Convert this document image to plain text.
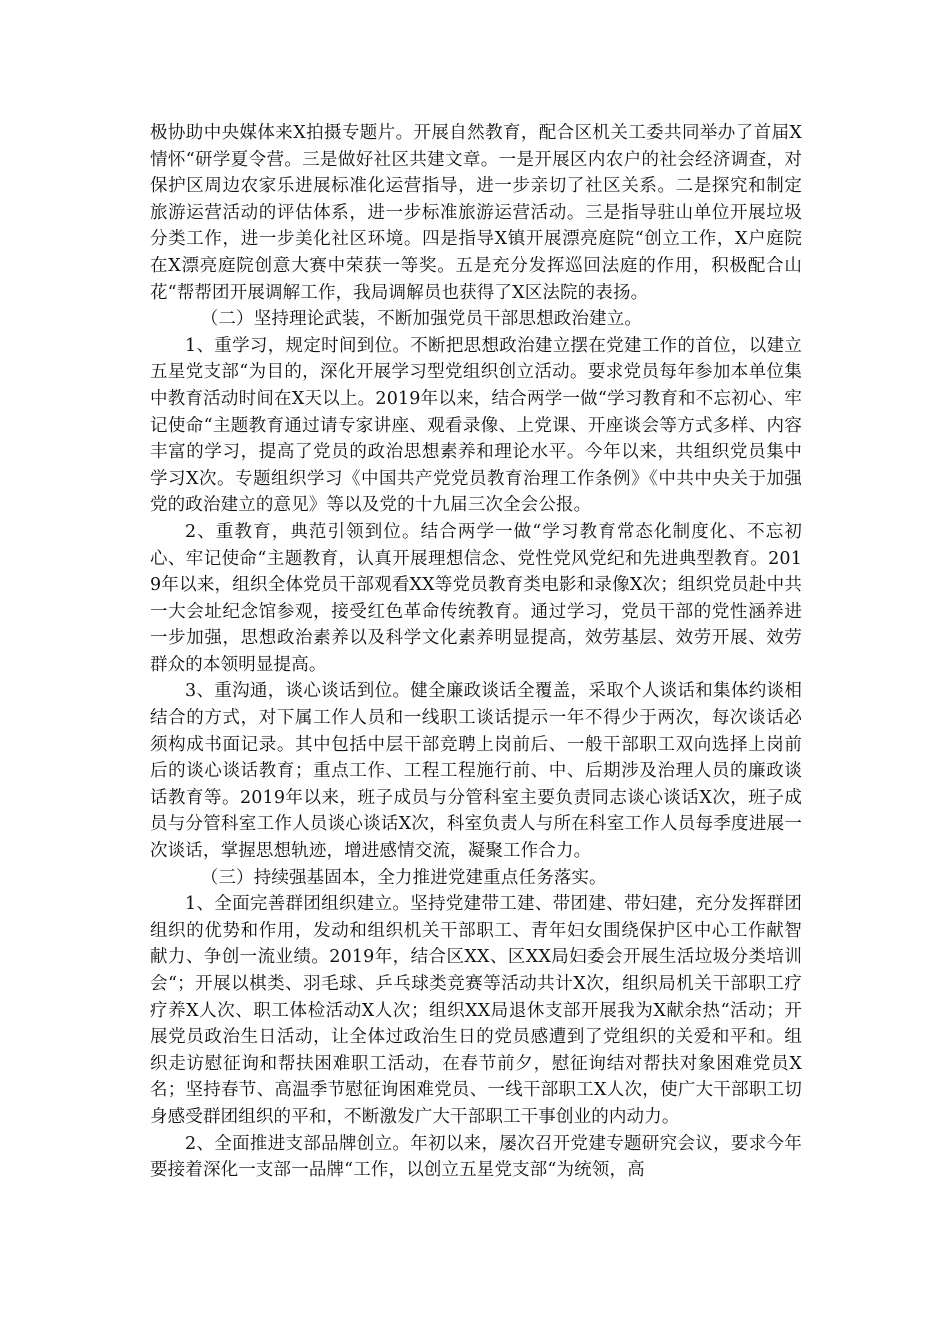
极协助中央媒体来X拍摄专题片。开展自然教育，配合区机关工委共同举办了首届X情怀“研学夏令营。三是做好社区共建文章。一是开展区内农户的社会经济调查，对保护区周边农家乐进展标准化运营指导，进一步亲切了社区关系。二是探究和制定旅游运营活动的评估体系，进一步标准旅游运营活动。三是指导驻山单位开展垃圾分类工作，进一步美化社区环境。四是指导X镇开展漂亮庭院“创立工作，X户庭院在X漂亮庭院创意大赛中荣获一等奖。五是充分发挥巡回法庭的作用，积极配合山花“帮帮团开展调解工作，我局调解员也获得了X区法院的表扬。

（二）坚持理论武装，不断加强党员干部思想政治建立。

1、重学习，规定时间到位。不断把思想政治建立摆在党建工作的首位，以建立五星党支部“为目的，深化开展学习型党组织创立活动。要求党员每年参加本单位集中教育活动时间在X天以上。2019年以来，结合两学一做“学习教育和不忘初心、牢记使命“主题教育通过请专家讲座、观看录像、上党课、开座谈会等方式多样、内容丰富的学习，提高了党员的政治思想素养和理论水平。今年以来，共组织党员集中学习X次。专题组织学习《中国共产党党员教育治理工作条例》《中共中央关于加强党的政治建立的意见》等以及党的十九届三次全会公报。

2、重教育，典范引领到位。结合两学一做“学习教育常态化制度化、不忘初心、牢记使命“主题教育，认真开展理想信念、党性党风党纪和先进典型教育。2019年以来，组织全体党员干部观看XX等党员教育类电影和录像X次；组织党员赴中共一大会址纪念馆参观，接受红色革命传统教育。通过学习，党员干部的党性涵养进一步加强，思想政治素养以及科学文化素养明显提高，效劳基层、效劳开展、效劳群众的本领明显提高。

3、重沟通，谈心谈话到位。健全廉政谈话全覆盖，采取个人谈话和集体约谈相结合的方式，对下属工作人员和一线职工谈话提示一年不得少于两次，每次谈话必须构成书面记录。其中包括中层干部竞聘上岗前后、一般干部职工双向选择上岗前后的谈心谈话教育；重点工作、工程工程施行前、中、后期涉及治理人员的廉政谈话教育等。2019年以来，班子成员与分管科室主要负责同志谈心谈话X次，班子成员与分管科室工作人员谈心谈话X次，科室负责人与所在科室工作人员每季度进展一次谈话，掌握思想轨迹，增进感情交流，凝聚工作合力。

（三）持续强基固本，全力推进党建重点任务落实。

1、全面完善群团组织建立。坚持党建带工建、带团建、带妇建，充分发挥群团组织的优势和作用，发动和组织机关干部职工、青年妇女围绕保护区中心工作献智献力、争创一流业绩。2019年，结合区XX、区XX局妇委会开展生活垃圾分类培训会“；开展以棋类、羽毛球、乒乓球类竞赛等活动共计X次，组织局机关干部职工疗疗养X人次、职工体检活动X人次；组织XX局退休支部开展我为X献余热“活动；开展党员政治生日活动，让全体过政治生日的党员感遭到了党组织的关爱和平和。组织走访慰征询和帮扶困难职工活动，在春节前夕，慰征询结对帮扶对象困难党员X名；坚持春节、高温季节慰征询困难党员、一线干部职工X人次，使广大干部职工切身感受群团组织的平和，不断激发广大干部职工干事创业的内动力。

2、全面推进支部品牌创立。年初以来，屡次召开党建专题研究会议，要求今年要接着深化一支部一品牌“工作，以创立五星党支部“为统领，高
